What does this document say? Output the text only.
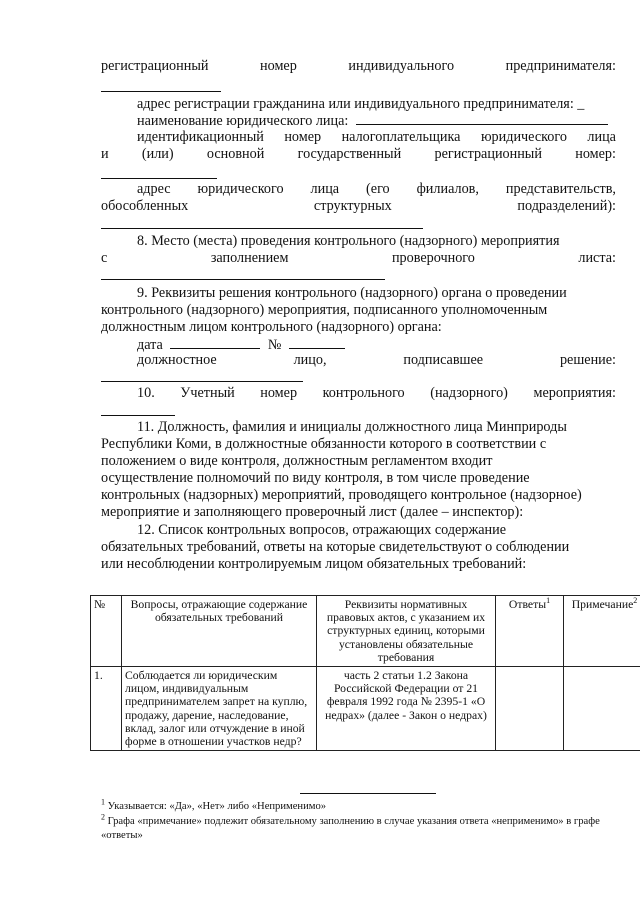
регистрационный	номер	индивидуального	предпринимателя:
адрес регистрации гражданина или индивидуального предпринимателя: _
наименование юридического лица:
идентификационный номер налогоплательщика юридического лица
и (или) основной государственный регистрационный номер:
адрес юридического лица (его филиалов, представительств,
обособленных	структурных	подразделений):
8. Место (места) проведения контрольного (надзорного) мероприятия
с	заполнением	проверочного	листа:
9. Реквизиты решения контрольного (надзорного) органа о проведении
контрольного (надзорного) мероприятия, подписанного уполномоченным
должностным лицом контрольного (надзорного) органа:
дата	№
должностное	лицо,	подписавшее	решение:
10. Учетный номер контрольного (надзорного) мероприятия:
11. Должность, фамилия и инициалы должностного лица Минприроды
Республики Коми, в должностные обязанности которого в соответствии с
положением о виде контроля, должностным регламентом входит
осуществление полномочий по виду контроля, в том числе проведение
контрольных (надзорных) мероприятий, проводящего контрольное (надзорное)
мероприятие и заполняющего проверочный лист (далее – инспектор):
12. Список контрольных вопросов, отражающих содержание
обязательных требований, ответы на которые свидетельствуют о соблюдении
или несоблюдении контролируемым лицом обязательных требований:
№	Вопросы, отражающие содержание обязательных требований	Реквизиты нормативных правовых актов, с указанием их структурных единиц, которыми установлены обязательные требования	Ответы$^1$	Примечание$^2$
1.	Соблюдается ли юридическим лицом, индивидуальным предпринимателем запрет на куплю, продажу, дарение, наследование, вклад, залог или отчуждение в иной форме в отношении участков недр?	часть 2 статьи 1.2 Закона Российской Федерации от 21 февраля 1992 года № 2395-1 «О недрах» (далее - Закон о недрах)		
$^1$ Указывается: «Да», «Нет» либо «Неприменимо»
$^2$ Графа «примечание» подлежит обязательному заполнению в случае указания ответа «неприменимо» в графе
«ответы»
